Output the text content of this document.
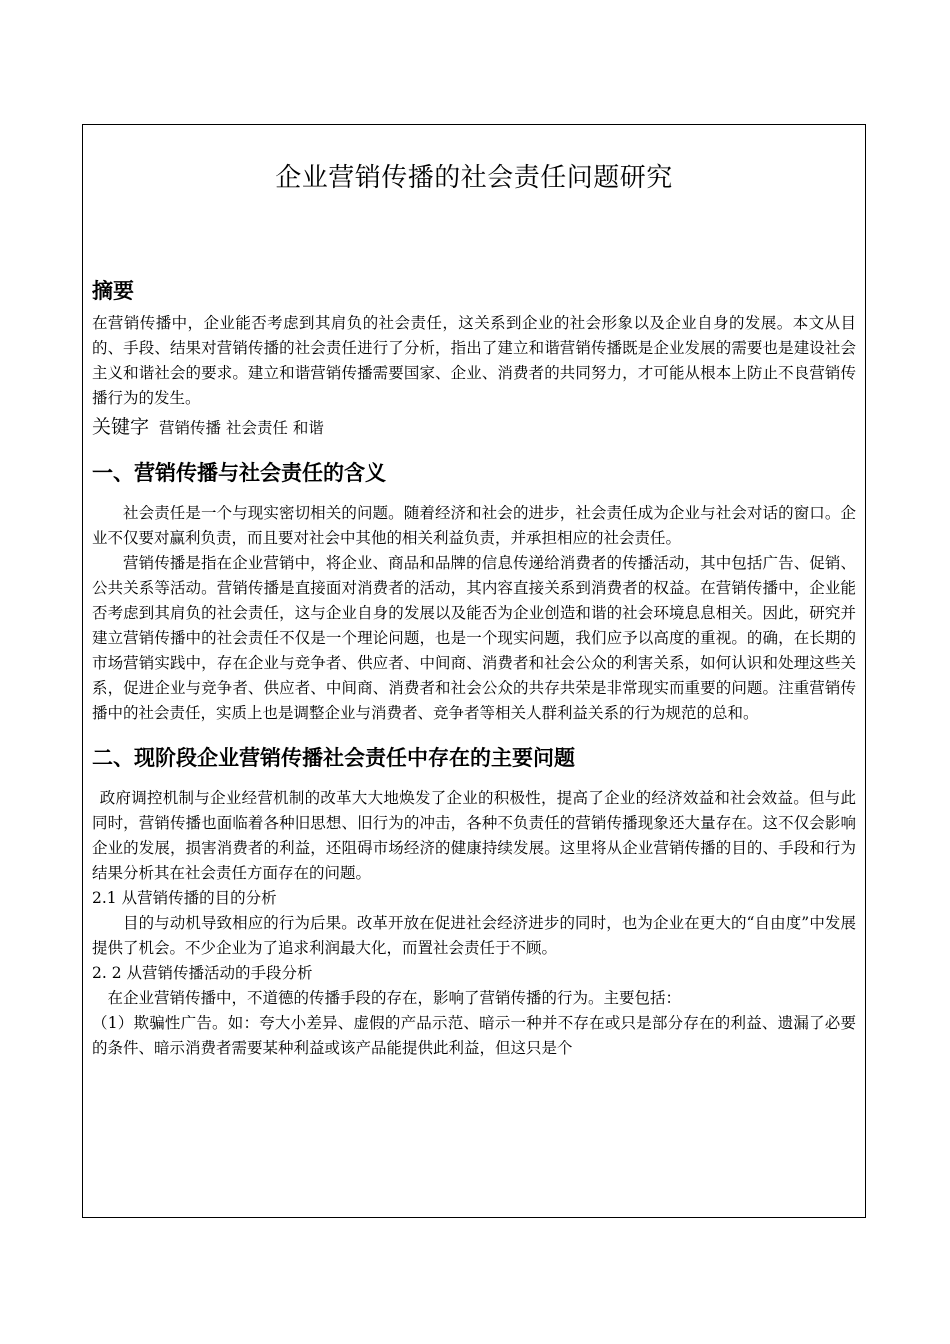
企业营销传播的社会责任问题研究
摘要

在营销传播中，企业能否考虑到其肩负的社会责任，这关系到企业的社会形象以及企业自身的发展。本文从目的、手段、结果对营销传播的社会责任进行了分析，指出了建立和谐营销传播既是企业发展的需要也是建设社会主义和谐社会的要求。建立和谐营销传播需要国家、企业、消费者的共同努力，才可能从根本上防止不良营销传播行为的发生。

关键字 营销传播 社会责任 和谐
一、营销传播与社会责任的含义

社会责任是一个与现实密切相关的问题。随着经济和社会的进步，社会责任成为企业与社会对话的窗口。企业不仅要对赢利负责，而且要对社会中其他的相关利益负责，并承担相应的社会责任。

营销传播是指在企业营销中，将企业、商品和品牌的信息传递给消费者的传播活动，其中包括广告、促销、公共关系等活动。营销传播是直接面对消费者的活动，其内容直接关系到消费者的权益。在营销传播中，企业能否考虑到其肩负的社会责任，这与企业自身的发展以及能否为企业创造和谐的社会环境息息相关。因此，研究并建立营销传播中的社会责任不仅是一个理论问题，也是一个现实问题，我们应予以高度的重视。的确，在长期的市场营销实践中，存在企业与竞争者、供应者、中间商、消费者和社会公众的利害关系，如何认识和处理这些关系，促进企业与竞争者、供应者、中间商、消费者和社会公众的共存共荣是非常现实而重要的问题。注重营销传播中的社会责任，实质上也是调整企业与消费者、竞争者等相关人群利益关系的行为规范的总和。

二、现阶段企业营销传播社会责任中存在的主要问题

政府调控机制与企业经营机制的改革大大地焕发了企业的积极性，提高了企业的经济效益和社会效益。但与此同时，营销传播也面临着各种旧思想、旧行为的冲击，各种不负责任的营销传播现象还大量存在。这不仅会影响企业的发展，损害消费者的利益，还阻碍市场经济的健康持续发展。这里将从企业营销传播的目的、手段和行为结果分析其在社会责任方面存在的问题。

2.1 从营销传播的目的分析

目的与动机导致相应的行为后果。改革开放在促进社会经济进步的同时，也为企业在更大的“自由度”中发展提供了机会。不少企业为了追求利润最大化，而置社会责任于不顾。

2. 2 从营销传播活动的手段分析

在企业营销传播中，不道德的传播手段的存在，影响了营销传播的行为。主要包括：

（1）欺骗性广告。如：夸大小差异、虚假的产品示范、暗示一种并不存在或只是部分存在的利益、遗漏了必要的条件、暗示消费者需要某种利益或该产品能提供此利益，但这只是个
